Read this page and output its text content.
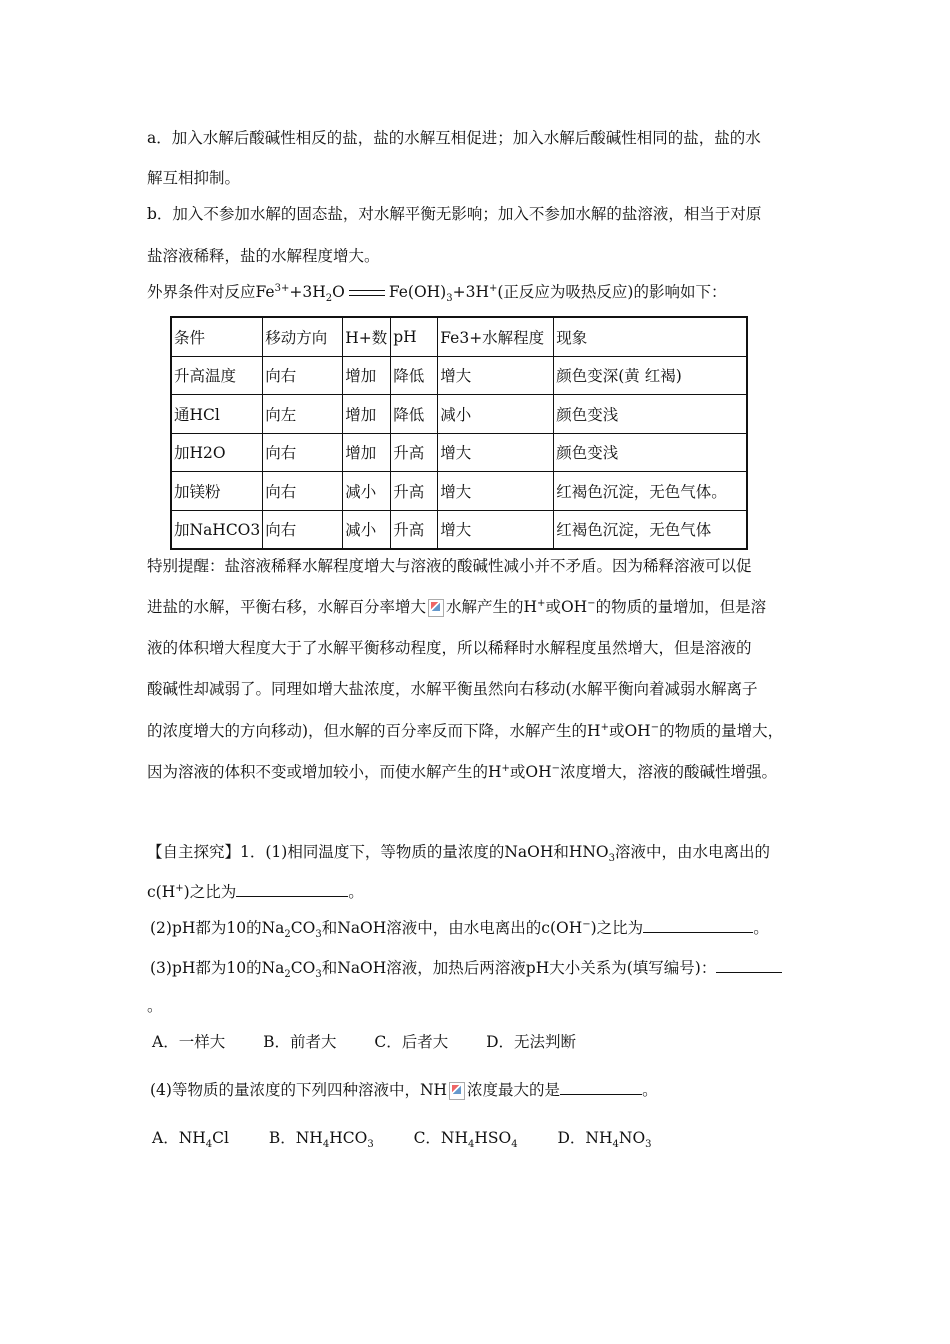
a．加入水解后酸碱性相反的盐，盐的水解互相促进；加入水解后酸碱性相同的盐，盐的水
解互相抑制。
b．加入不参加水解的固态盐，对水解平衡无影响；加入不参加水解的盐溶液，相当于对原
盐溶液稀释，盐的水解程度增大。
外界条件对反应$Fe^{3+}+3H_2O$	$Fe(OH)_3+3H^+$(正反应为吸热反应)的影响如下：
条件	移动方向	H+数	pH	Fe3+水解程度	现象
升高温度	向右	增加	降低	增大	颜色变深(黄 红褐)
通HCl	向左	增加	降低	减小	颜色变浅
加H2O	向右	增加	升高	增大	颜色变浅
加镁粉	向右	减小	升高	增大	红褐色沉淀，无色气体。
加NaHCO3	向右	减小	升高	增大	红褐色沉淀，无色气体
特别提醒：盐溶液稀释水解程度增大与溶液的酸碱性减小并不矛盾。因为稀释溶液可以促
进盐的水解，平衡右移，水解百分率增大 水解产生的H+或OH−的物质的量增加，但是溶
液的体积增大程度大于了水解平衡移动程度，所以稀释时水解程度虽然增大，但是溶液的
酸碱性却减弱了。同理如增大盐浓度，水解平衡虽然向右移动(水解平衡向着减弱水解离子
的浓度增大的方向移动)，但水解的百分率反而下降，水解产生的H+或OH−的物质的量增大，
因为溶液的体积不变或增加较小，而使水解产生的H+或OH−浓度增大，溶液的酸碱性增强。
【自主探究】1．(1)相同温度下，等物质的量浓度的NaOH和$HNO_3$溶液中，由水电离出的
c(H+)之比为	。
(2)pH都为10的$Na_2CO_3$和NaOH溶液中，由水电离出的c(OH−)之比为	。
(3)pH都为10的$Na_2CO_3$和NaOH溶液，加热后两溶液pH大小关系为(填写编号)：
。
A．一样大 B．前者大 C．后者大 D．无法判断
(4)等物质的量浓度的下列四种溶液中，NH 浓度最大的是	。
A．$NH_4Cl$	B．$NH_4HCO_3$	C．$NH_4HSO_4$	D．$NH_4NO_3$
